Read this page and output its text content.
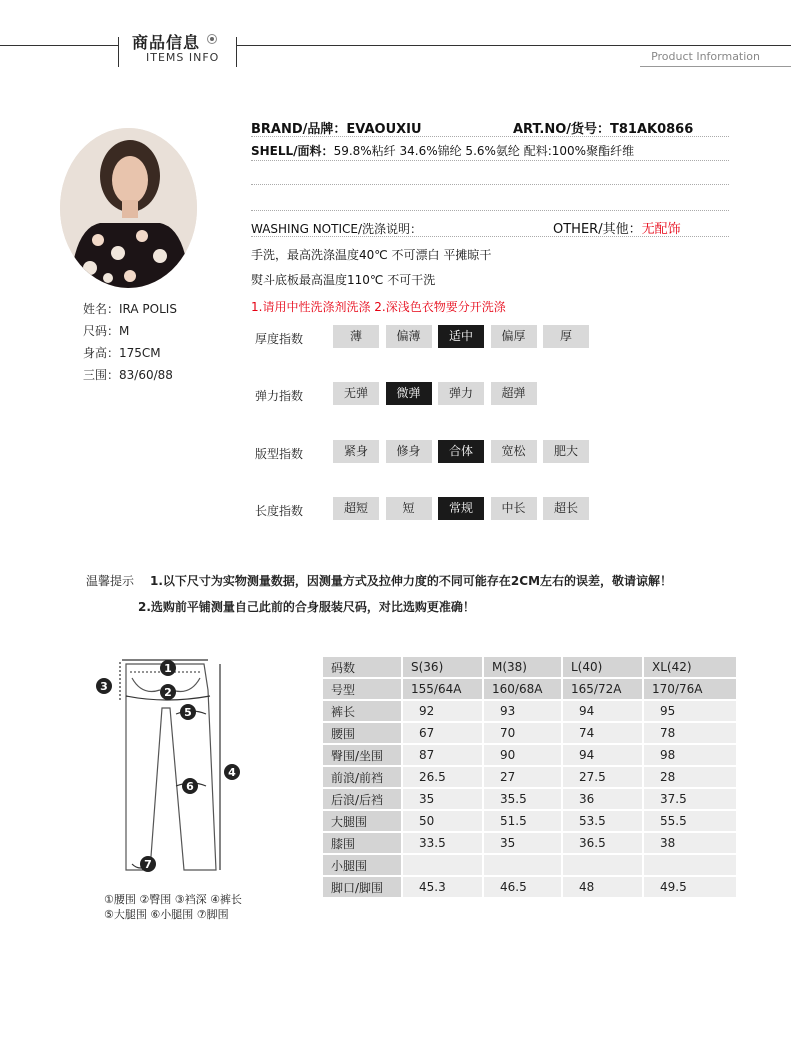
商品信息
ITEMS INFO	Product Information
姓名：IRA POLIS
尺码：M
身高：175CM
三围：83/60/88
BRAND/品牌：EVAOUXIU	ART.NO/货号：T81AK0866
SHELL/面料：59.8%粘纤 34.6%锦纶 5.6%氨纶 配料:100%聚酯纤维
WASHING NOTICE/洗涤说明：	OTHER/其他：无配饰
手洗，最高洗涤温度40℃ 不可漂白 平摊晾干
熨斗底板最高温度110℃ 不可干洗
1.请用中性洗涤剂洗涤 2.深浅色衣物要分开洗涤
厚度指数	薄	偏薄	适中	偏厚	厚
弹力指数	无弹	微弹	弹力	超弹
版型指数	紧身	修身	合体	宽松	肥大
长度指数	超短	短	常规	中长	超长
温馨提示 1.以下尺寸为实物测量数据，因测量方式及拉伸力度的不同可能存在2CM左右的误差，敬请谅解！
2.选购前平铺测量自己此前的合身服装尺码，对比选购更准确！
1
2
3
4
5
6
7
①腰围 ②臀围 ③裆深 ④裤长
⑤大腿围 ⑥小腿围 ⑦脚围
码数	S(36)	M(38)	L(40)	XL(42)
号型	155/64A	160/68A	165/72A	170/76A
裤长	92	93	94	95
腰围	67	70	74	78
臀围/坐围	87	90	94	98
前浪/前裆	26.5	27	27.5	28
后浪/后裆	35	35.5	36	37.5
大腿围	50	51.5	53.5	55.5
膝围	33.5	35	36.5	38
小腿围				
脚口/脚围	45.3	46.5	48	49.5
